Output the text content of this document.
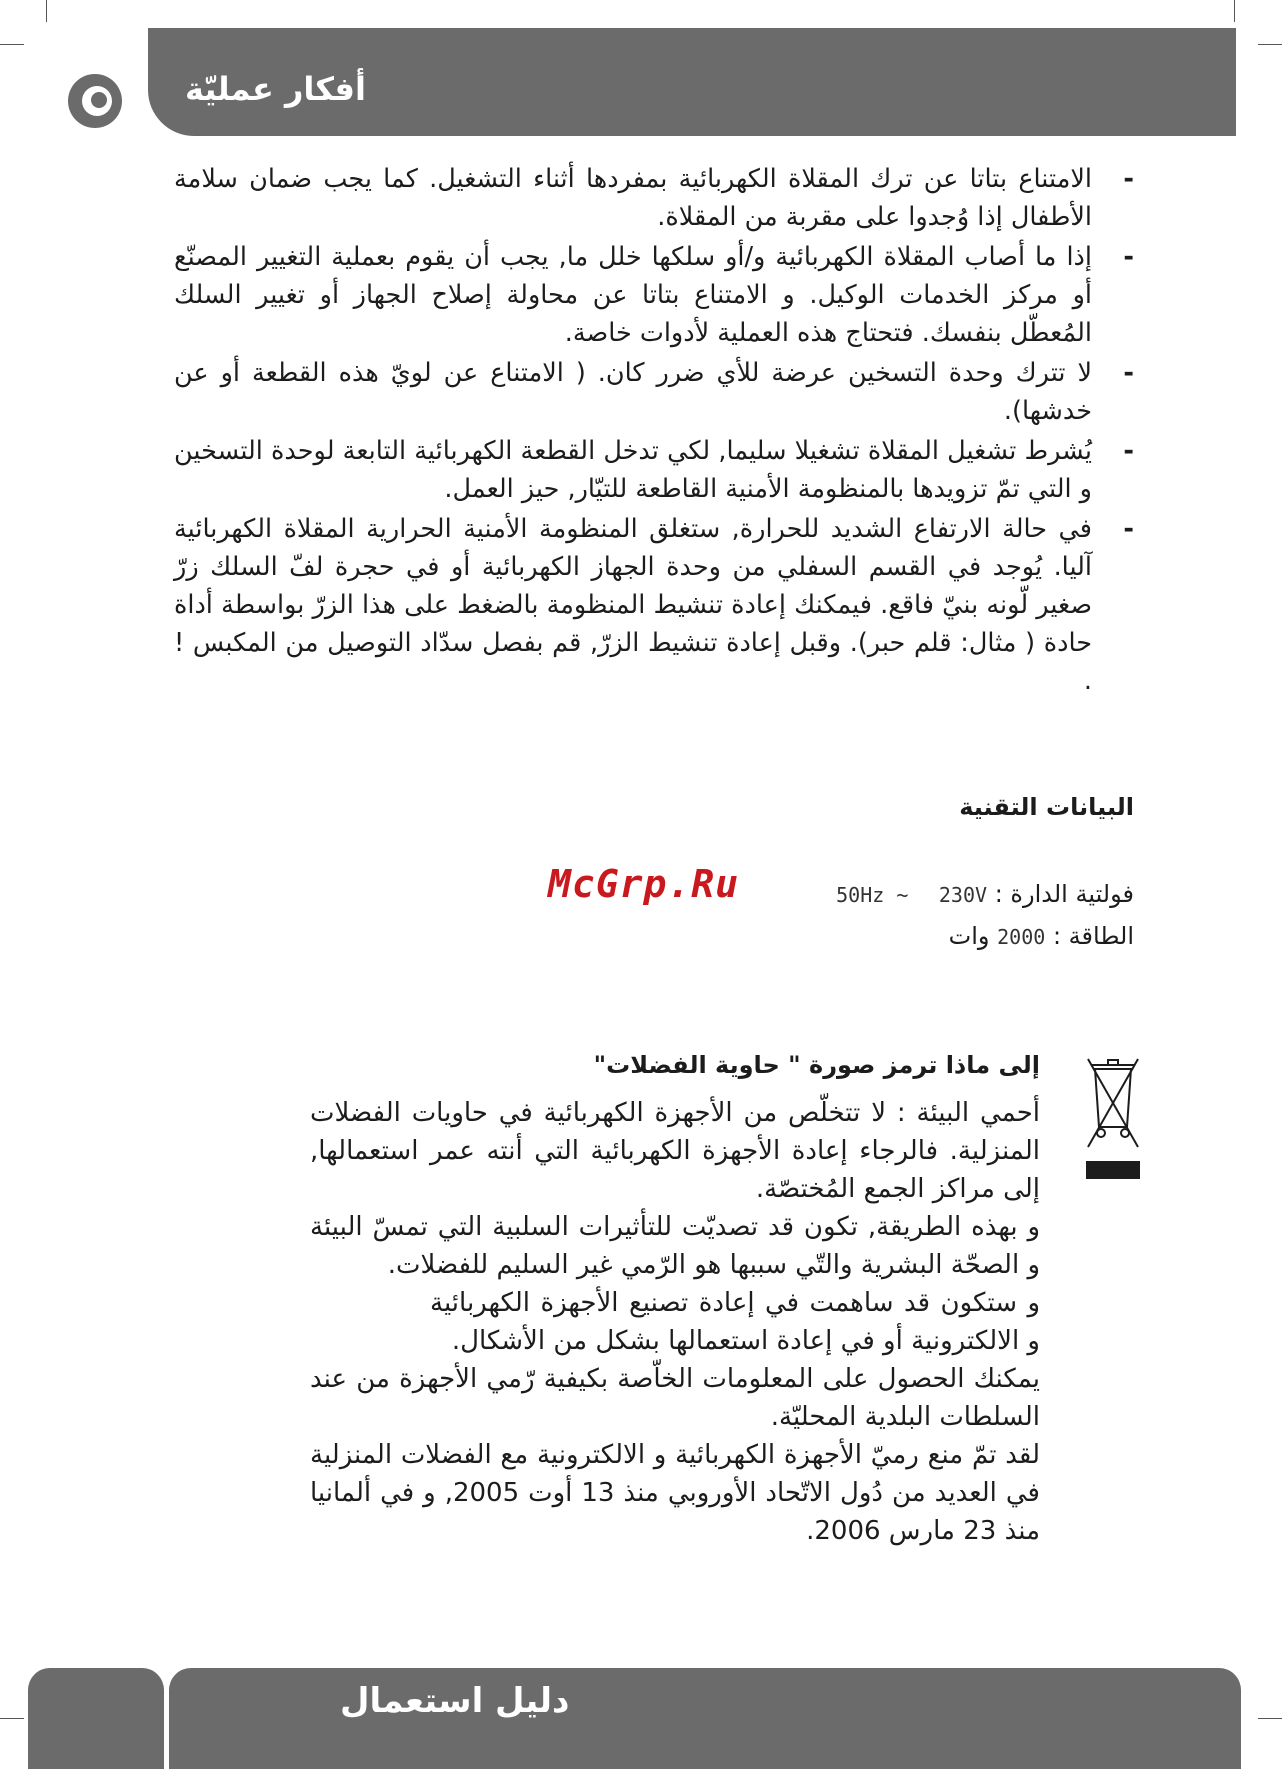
أفكار عمليّة

-
الامتناع بتاتا عن ترك المقلاة الكهربائية بمفردها أثناء التشغيل. كما يجب ضمان سلامة الأطفال إذا وُجدوا على مقربة من المقلاة.

-
إذا ما أصاب المقلاة الكهربائية و/أو سلكها خلل ما, يجب أن يقوم بعملية التغيير المصنّع أو مركز الخدمات الوكيل. و الامتناع بتاتا عن محاولة إصلاح الجهاز أو تغيير السلك المُعطّل بنفسك. فتحتاج هذه العملية لأدوات خاصة.

-
لا تترك وحدة التسخين عرضة للأي ضرر كان. ( الامتناع عن لويّ هذه القطعة أو عن خدشها).

-
يُشرط تشغيل المقلاة تشغيلا سليما, لكي تدخل القطعة الكهربائية التابعة لوحدة التسخين و التي تمّ تزويدها بالمنظومة الأمنية القاطعة للتيّار, حيز العمل.

-
في حالة الارتفاع الشديد للحرارة, ستغلق المنظومة الأمنية الحرارية المقلاة الكهربائية آليا. يُوجد في القسم السفلي من وحدة الجهاز الكهربائية أو في حجرة لفّ السلك زرّ صغير لّونه بنيّ فاقع. فيمكنك إعادة تنشيط المنظومة بالضغط على هذا الزرّ بواسطة أداة حادة ( مثال: قلم حبر). وقبل إعادة تنشيط الزرّ, قم بفصل سدّاد التوصيل من المكبس ! .

البيانات التقنية
McGrp.Ru	فولتية الدارة : 230V    50Hz ~
الطاقة : 2000 وات
إلى ماذا ترمز صورة " حاوية الفضلات"

أحمي البيئة : لا تتخلّص من الأجهزة الكهربائية في حاويات الفضلات المنزلية. فالرجاء إعادة الأجهزة الكهربائية التي أنته عمر استعمالها, إلى مراكز الجمع المُختصّة.

و بهذه الطريقة, تكون قد تصديّت للتأثيرات السلبية التي تمسّ البيئة و الصحّة البشرية والتّي سببها هو الرّمي غير السليم للفضلات.

و ستكون قد ساهمت في إعادة تصنيع الأجهزة الكهربائية و الالكترونية أو في إعادة استعمالها بشكل من الأشكال.

يمكنك الحصول على المعلومات الخاّصة بكيفية رّمي الأجهزة من عند السلطات البلدية المحليّة.

لقد تمّ منع رميّ الأجهزة الكهربائية و الالكترونية مع الفضلات المنزلية في العديد من دُول الاتّحاد الأوروبي منذ 13 أوت 2005, و في ألمانيا منذ 23 مارس 2006.

دليل استعمال
